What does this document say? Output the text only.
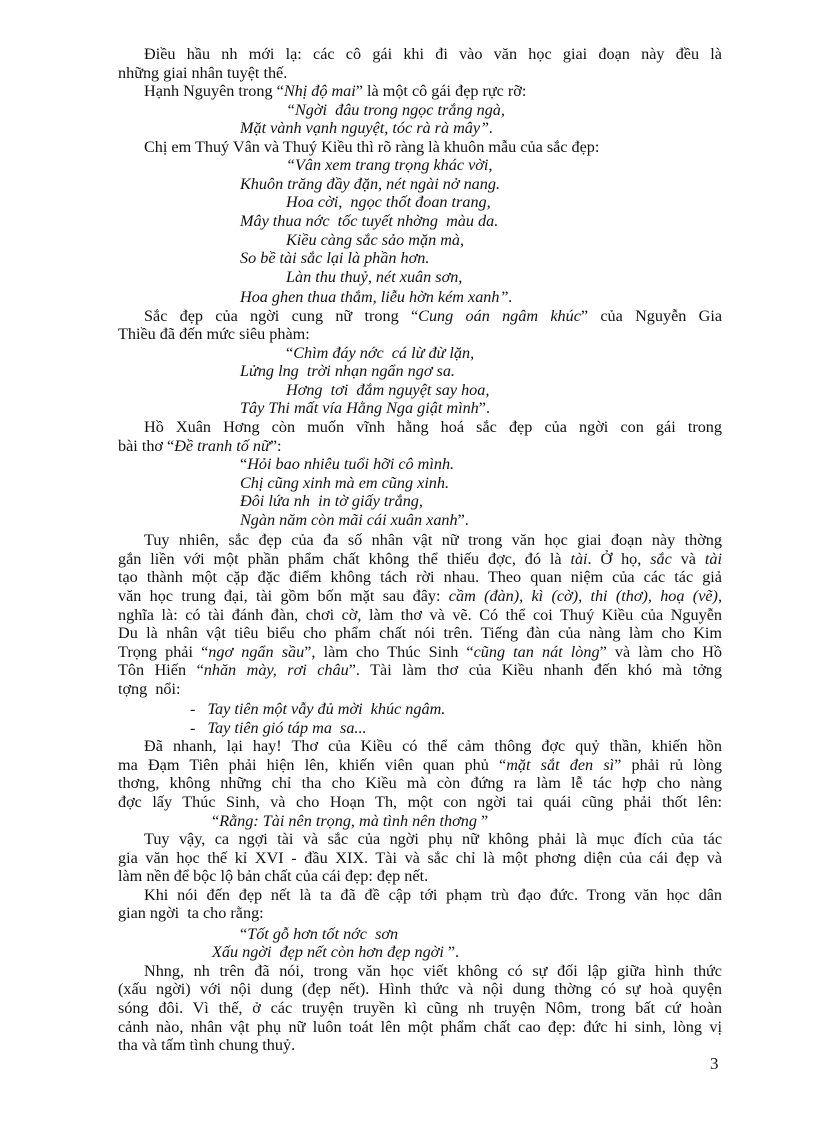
Điều hầu nh mới lạ: các cô gái khi đi vào văn học giai đoạn này đều là
những giai nhân tuyệt thế.
Hạnh Nguyên trong “Nhị độ mai” là một cô gái đẹp rực rỡ:
“Ngời  đâu trong ngọc trắng ngà,
Mặt vành vạnh nguyệt, tóc rà rà mây”.
Chị em Thuý Vân và Thuý Kiều thì rõ ràng là khuôn mẫu của sắc đẹp:
“Vân xem trang trọng khác vời,
Khuôn trăng đầy đặn, nét ngài nở nang.
Hoa cời,  ngọc thốt đoan trang,
Mây thua nớc  tốc tuyết nhờng  màu da.
Kiều càng sắc sảo mặn mà,
So bề tài sắc lại là phần hơn.
Làn thu thuỷ, nét xuân sơn,
Hoa ghen thua thắm, liễu hờn kém xanh”.
Sắc đẹp của ngời cung nữ trong “Cung oán ngâm khúc” của Nguyễn Gia
Thiều đã đến mức siêu phàm:
“Chìm đáy nớc  cá lừ đừ lặn,
Lửng lng  trời nhạn ngẩn ngơ sa.
Hơng  tơi  đắm nguyệt say hoa,
Tây Thi mất vía Hằng Nga giật mình”.
Hồ Xuân Hơng còn muốn vĩnh hằng hoá sắc đẹp của ngời con gái trong
bài thơ “Đề tranh tố nữ”:
“Hỏi bao nhiêu tuổi hỡi cô mình.
Chị cũng xinh mà em cũng xinh.
Đôi lứa nh  in tờ giấy trắng,
Ngàn năm còn mãi cái xuân xanh”.
Tuy nhiên, sắc đẹp của đa số nhân vật nữ trong văn học giai đoạn này thờng
gắn liền với một phần phẩm chất không thể thiếu đợc, đó là tài. Ở họ, sắc và tài
tạo thành một cặp đặc điểm không tách rời nhau. Theo quan niệm của các tác giả
văn học trung đại, tài gồm bốn mặt sau đây: cầm (đàn), kì (cờ), thi (thơ), hoạ (vẽ),
nghĩa là: có tài đánh đàn, chơi cờ, làm thơ và vẽ. Có thể coi Thuý Kiều của Nguyễn
Du là nhân vật tiêu biểu cho phẩm chất nói trên. Tiếng đàn của nàng làm cho Kim
Trọng phải “ngơ ngẩn sầu”, làm cho Thúc Sinh “cũng tan nát lòng” và làm cho Hồ
Tôn Hiến “nhăn mày, rơi châu”. Tài làm thơ của Kiều nhanh đến khó mà tởng
tợng  nổi:
-   Tay tiên một vẫy đủ mời  khúc ngâm.
-   Tay tiên gió táp ma  sa...
Đã nhanh, lại hay! Thơ của Kiều có thể cảm thông đợc quỷ thần, khiến hồn
ma Đạm Tiên phải hiện lên, khiến viên quan phủ “mặt sắt đen sì” phải rủ lòng
thơng, không những chỉ tha cho Kiều mà còn đứng ra làm lễ tác hợp cho nàng
đợc lấy Thúc Sinh, và cho Hoạn Th, một con ngời tai quái cũng phải thốt lên:
“Rằng: Tài nên trọng, mà tình nên thơng ”
Tuy vậy, ca ngợi tài và sắc của ngời phụ nữ không phải là mục đích của tác
gia văn học thế kỉ XVI - đầu XIX. Tài và sắc chỉ là một phơng diện của cái đẹp và
làm nền để bộc lộ bản chất của cái đẹp: đẹp nết.
Khi nói đến đẹp nết là ta đã đề cập tới phạm trù đạo đức. Trong văn học dân
gian ngời  ta cho rằng:
“Tốt gỗ hơn tốt nớc  sơn
Xấu ngời  đẹp nết còn hơn đẹp ngời ”.
Nhng, nh trên đã nói, trong văn học viết không có sự đối lập giữa hình thức
(xấu ngời) với nội dung (đẹp nết). Hình thức và nội dung thờng có sự hoà quyện
sóng đôi. Vì thế, ở các truyện truyền kì cũng nh truyện Nôm, trong bất cứ hoàn
cảnh nào, nhân vật phụ nữ luôn toát lên một phẩm chất cao đẹp: đức hi sinh, lòng vị
tha và tấm tình chung thuỷ.
3
